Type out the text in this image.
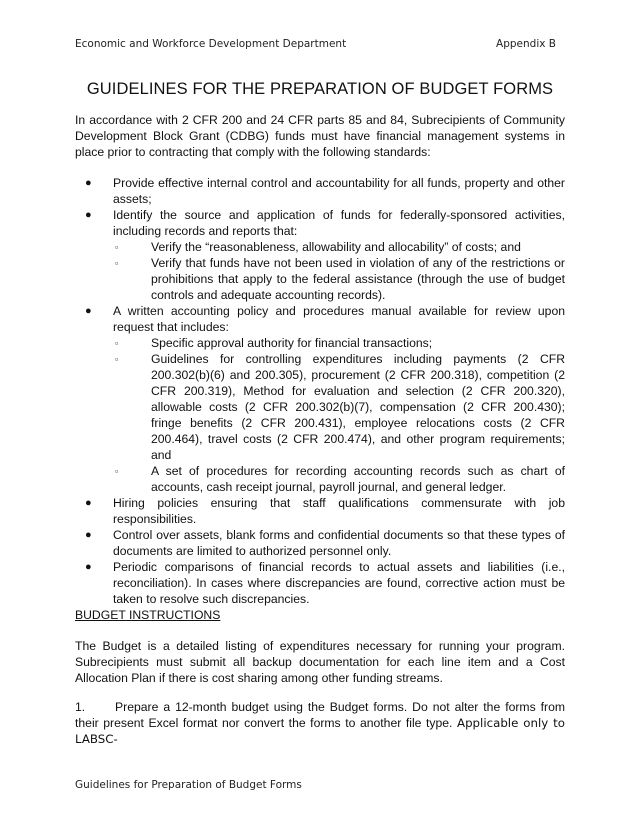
Economic and Workforce Development Department	Appendix B
GUIDELINES FOR THE PREPARATION OF BUDGET FORMS

In accordance with 2 CFR 200 and 24 CFR parts 85 and 84, Subrecipients of Community Development Block Grant (CDBG) funds must have financial management systems in place prior to contracting that comply with the following standards:

● Provide effective internal control and accountability for all funds, property and other assets;
● Identify the source and application of funds for federally-sponsored activities, including records and reports that:
▫	Verify the “reasonableness, allowability and allocability” of costs; and
▫	Verify that funds have not been used in violation of any of the restrictions or prohibitions that apply to the federal assistance (through the use of budget controls and adequate accounting records).
● A written accounting policy and procedures manual available for review upon request that includes:
▫	Specific approval authority for financial transactions;
▫	Guidelines for controlling expenditures including payments (2 CFR 200.302(b)(6) and 200.305), procurement (2 CFR 200.318), competition (2 CFR 200.319), Method for evaluation and selection (2 CFR 200.320), allowable costs (2 CFR 200.302(b)(7), compensation (2 CFR 200.430); fringe benefits (2 CFR 200.431), employee relocations costs (2 CFR 200.464), travel costs (2 CFR 200.474), and other program requirements; and
▫	A set of procedures for recording accounting records such as chart of accounts, cash receipt journal, payroll journal, and general ledger.
● Hiring policies ensuring that staff qualifications commensurate with job responsibilities.
● Control over assets, blank forms and confidential documents so that these types of documents are limited to authorized personnel only.
● Periodic comparisons of financial records to actual assets and liabilities (i.e., reconciliation). In cases where discrepancies are found, corrective action must be taken to resolve such discrepancies.

BUDGET INSTRUCTIONS

The Budget is a detailed listing of expenditures necessary for running your program. Subrecipients must submit all backup documentation for each line item and a Cost Allocation Plan if there is cost sharing among other funding streams.

1. Prepare a 12-month budget using the Budget forms. Do not alter the forms from their present Excel format nor convert the forms to another file type. Applicable only to LABSC-

Guidelines for Preparation of Budget Forms
